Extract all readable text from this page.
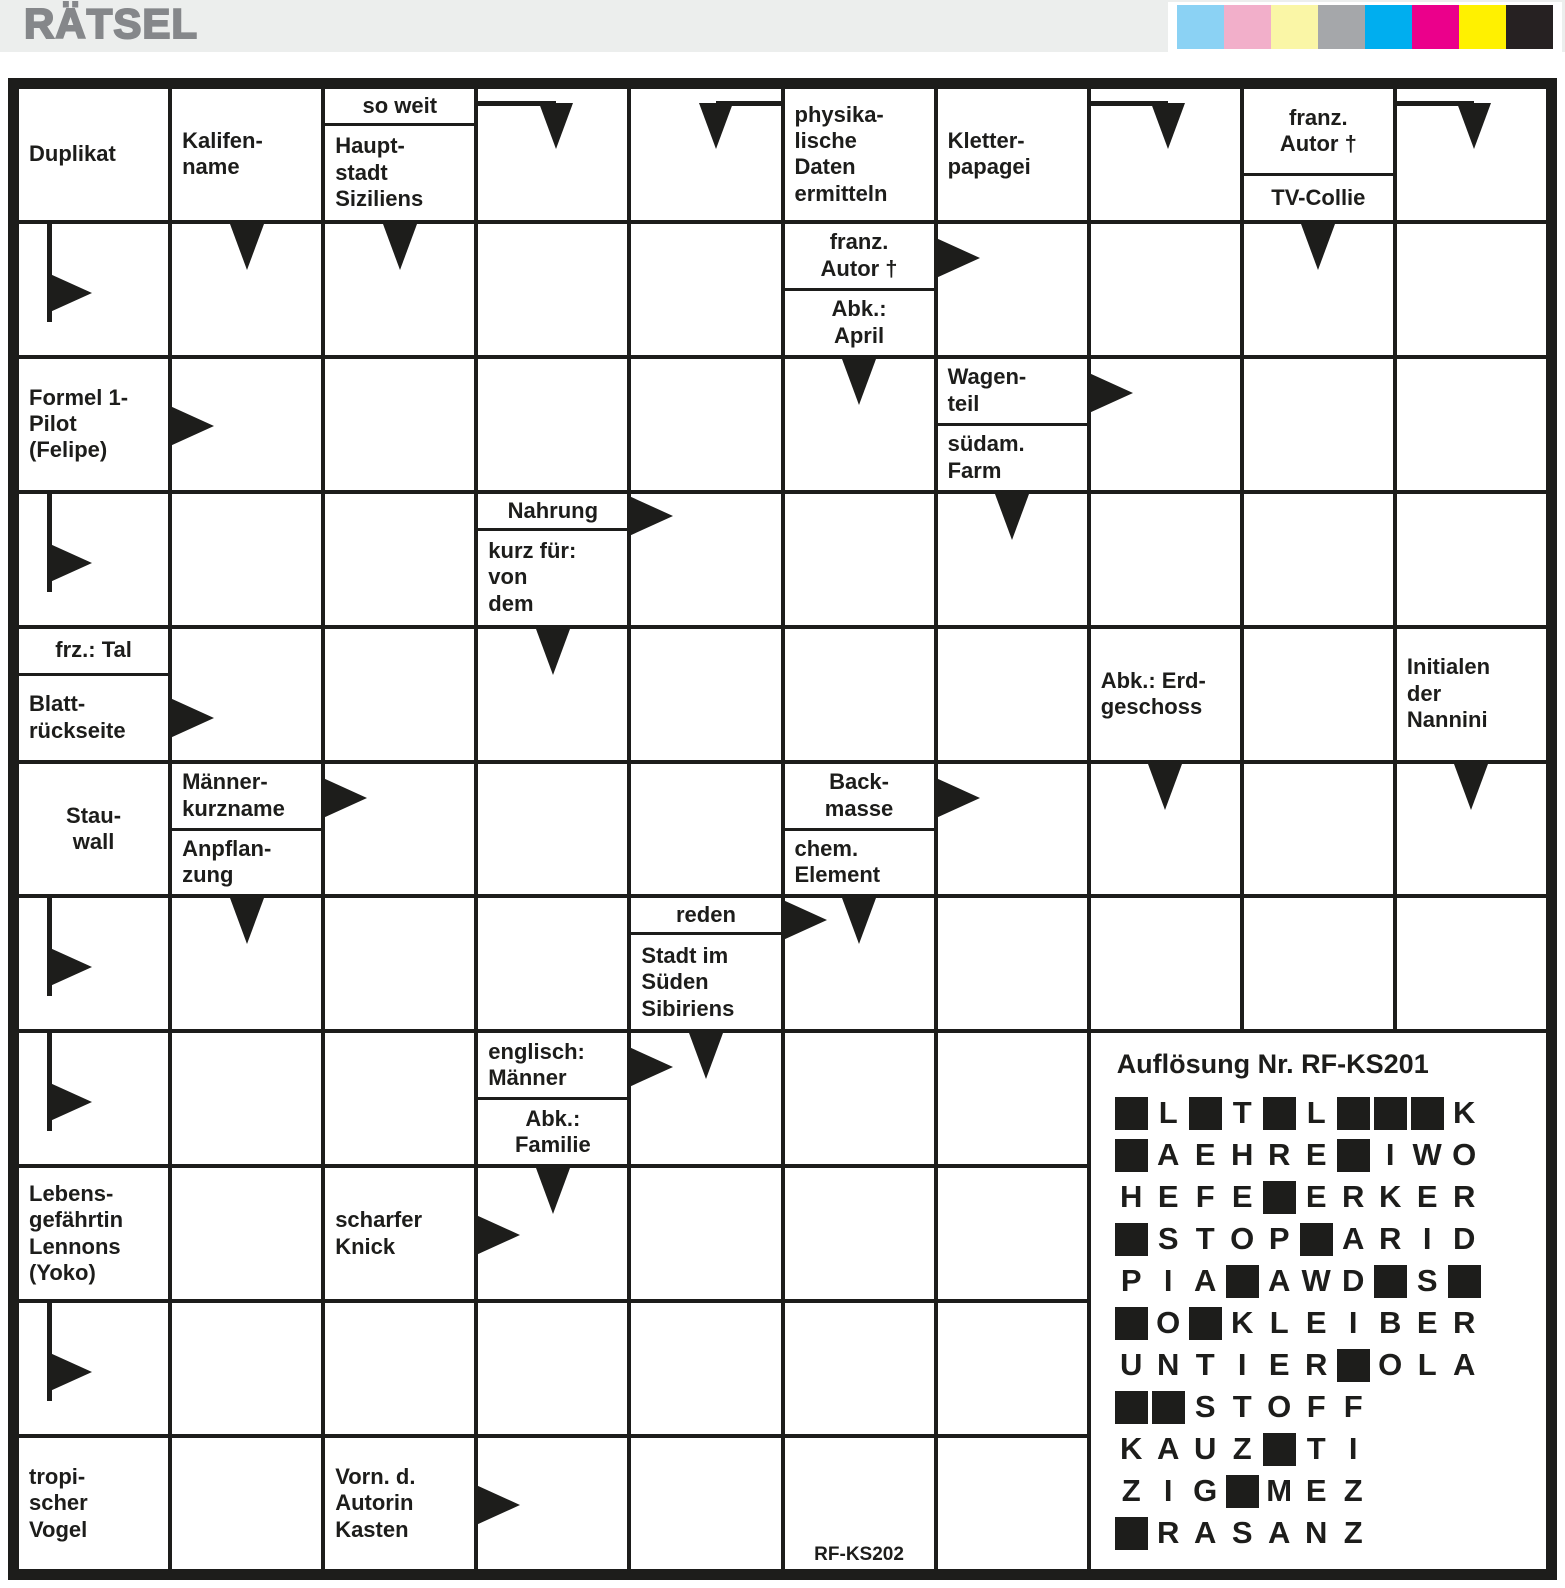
RÄTSEL
Auflösung Nr. RF-KS201
L T L	K
A E H R E	I W O
H E F E E R K E R
S T O P A R I D
P I A A W D S
O K L E I B E R
U N T I E R O L A
S T O F F
K A U Z T I
Z I G M E Z
R A S A N Z
Duplikat
Kalifen-
name
so weit
Haupt-
stadt
Siziliens
physika-
lische
Daten
ermitteln
Kletter-
papagei
franz.
Autor †
TV-Collie
franz.
Autor †
Abk.:
April
Formel 1-
Pilot
(Felipe)
Wagen-
teil
südam.
Farm
Nahrung
kurz für:
von
dem
frz.: Tal
Blatt-
rückseite
Abk.: Erd-
geschoss
Initialen
der
Nannini
Stau-
wall
Männer-
kurzname
Anpflan-
zung
Back-
masse
chem.
Element
reden
Stadt im
Süden
Sibiriens
englisch:
Männer
Abk.:
Familie
Lebens-
gefährtin
Lennons
(Yoko)
scharfer
Knick
tropi-
scher
Vogel
Vorn. d.
Autorin
Kasten
RF-KS202
